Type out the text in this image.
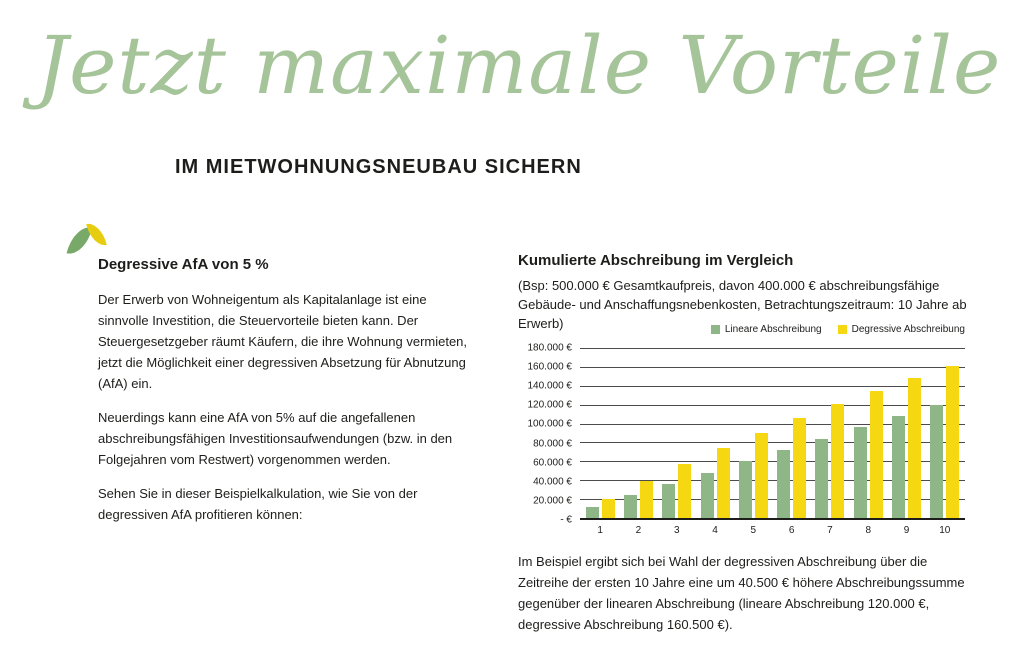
Jetzt maximale Vorteile
IM MIETWOHNUNGSNEUBAU SICHERN
Degressive AfA von 5 %

Der Erwerb von Wohneigentum als Kapitalanlage ist eine sinnvolle Investition, die Steuervorteile bieten kann. Der Steuergesetzgeber räumt Käufern, die ihre Wohnung vermieten, jetzt die Möglichkeit einer degressiven Absetzung für Abnutzung (AfA) ein.

Neuerdings kann eine AfA von 5% auf die angefallenen abschreibungsfähigen Investitionsaufwendungen (bzw. in den Folgejahren vom Restwert) vorgenommen werden.

Sehen Sie in dieser Beispielkalkulation, wie Sie von der degressiven AfA profitieren können:

Kumulierte Abschreibung im Vergleich
(Bsp: 500.000 € Gesamtkaufpreis, davon 400.000 € abschreibungsfähige Gebäude- und Anschaffungsnebenkosten, Betrachtungszeitraum: 10 Jahre ab Erwerb)	Lineare Abschreibung	Degressive Abschreibung
180.000 €
160.000 €
140.000 €
120.000 €
100.000 €
80.000 €
60.000 €
40.000 €
20.000 €
- €
1	2	3	4	5	6	7	8	9	10
Im Beispiel ergibt sich bei Wahl der degressiven Abschreibung über die Zeitreihe der ersten 10 Jahre eine um 40.500 € höhere Abschreibungssumme gegenüber der linearen Abschreibung (lineare Abschreibung 120.000 €, degressive Abschreibung 160.500 €).
